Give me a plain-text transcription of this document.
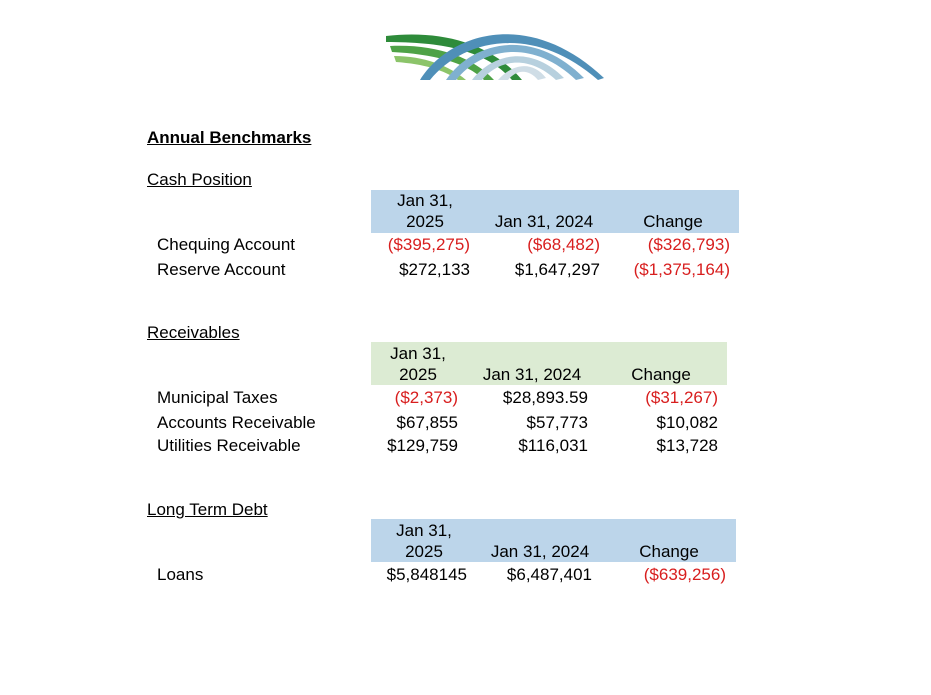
Annual Benchmarks
Cash Position
Jan 31,
2025	Jan 31, 2024	Change
Chequing Account	($395,275)	($68,482)	($326,793)
Reserve Account	$272,133	$1,647,297	($1,375,164)
Receivables
Jan 31,
2025	Jan 31, 2024	Change
Municipal Taxes	($2,373)	$28,893.59	($31,267)
Accounts Receivable	$67,855	$57,773	$10,082
Utilities Receivable	$129,759	$116,031	$13,728
Long Term Debt
Jan 31,
2025	Jan 31, 2024	Change
Loans	$5,848145	$6,487,401	($639,256)
